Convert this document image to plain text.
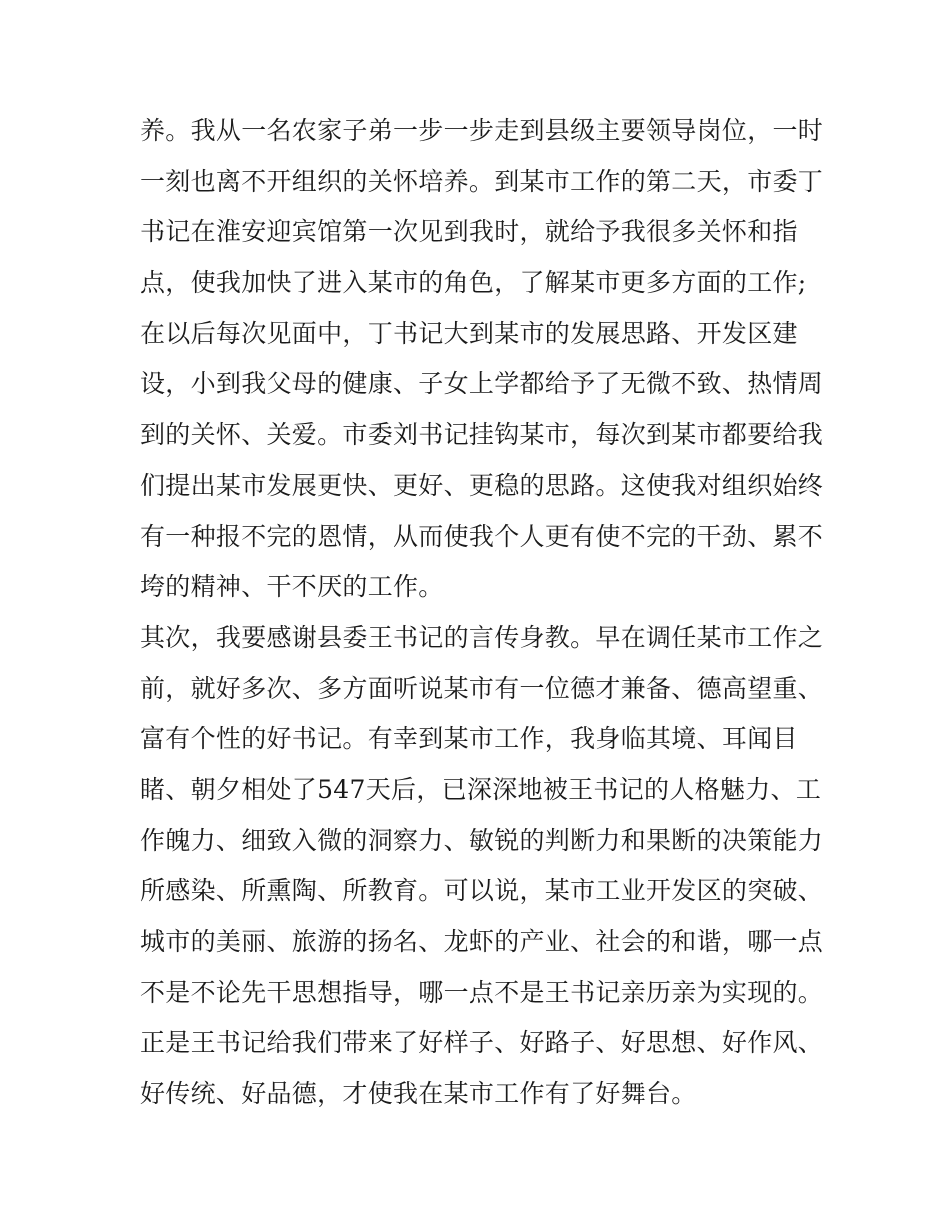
养。我从一名农家子弟一步一步走到县级主要领导岗位，一时
一刻也离不开组织的关怀培养。到某市工作的第二天，市委丁
书记在淮安迎宾馆第一次见到我时，就给予我很多关怀和指
点，使我加快了进入某市的角色，了解某市更多方面的工作;
在以后每次见面中，丁书记大到某市的发展思路、开发区建
设，小到我父母的健康、子女上学都给予了无微不致、热情周
到的关怀、关爱。市委刘书记挂钩某市，每次到某市都要给我
们提出某市发展更快、更好、更稳的思路。这使我对组织始终
有一种报不完的恩情，从而使我个人更有使不完的干劲、累不
垮的精神、干不厌的工作。
其次，我要感谢县委王书记的言传身教。早在调任某市工作之
前，就好多次、多方面听说某市有一位德才兼备、德高望重、
富有个性的好书记。有幸到某市工作，我身临其境、耳闻目
睹、朝夕相处了547天后，已深深地被王书记的人格魅力、工
作魄力、细致入微的洞察力、敏锐的判断力和果断的决策能力
所感染、所熏陶、所教育。可以说，某市工业开发区的突破、
城市的美丽、旅游的扬名、龙虾的产业、社会的和谐，哪一点
不是不论先干思想指导，哪一点不是王书记亲历亲为实现的。
正是王书记给我们带来了好样子、好路子、好思想、好作风、
好传统、好品德，才使我在某市工作有了好舞台。
